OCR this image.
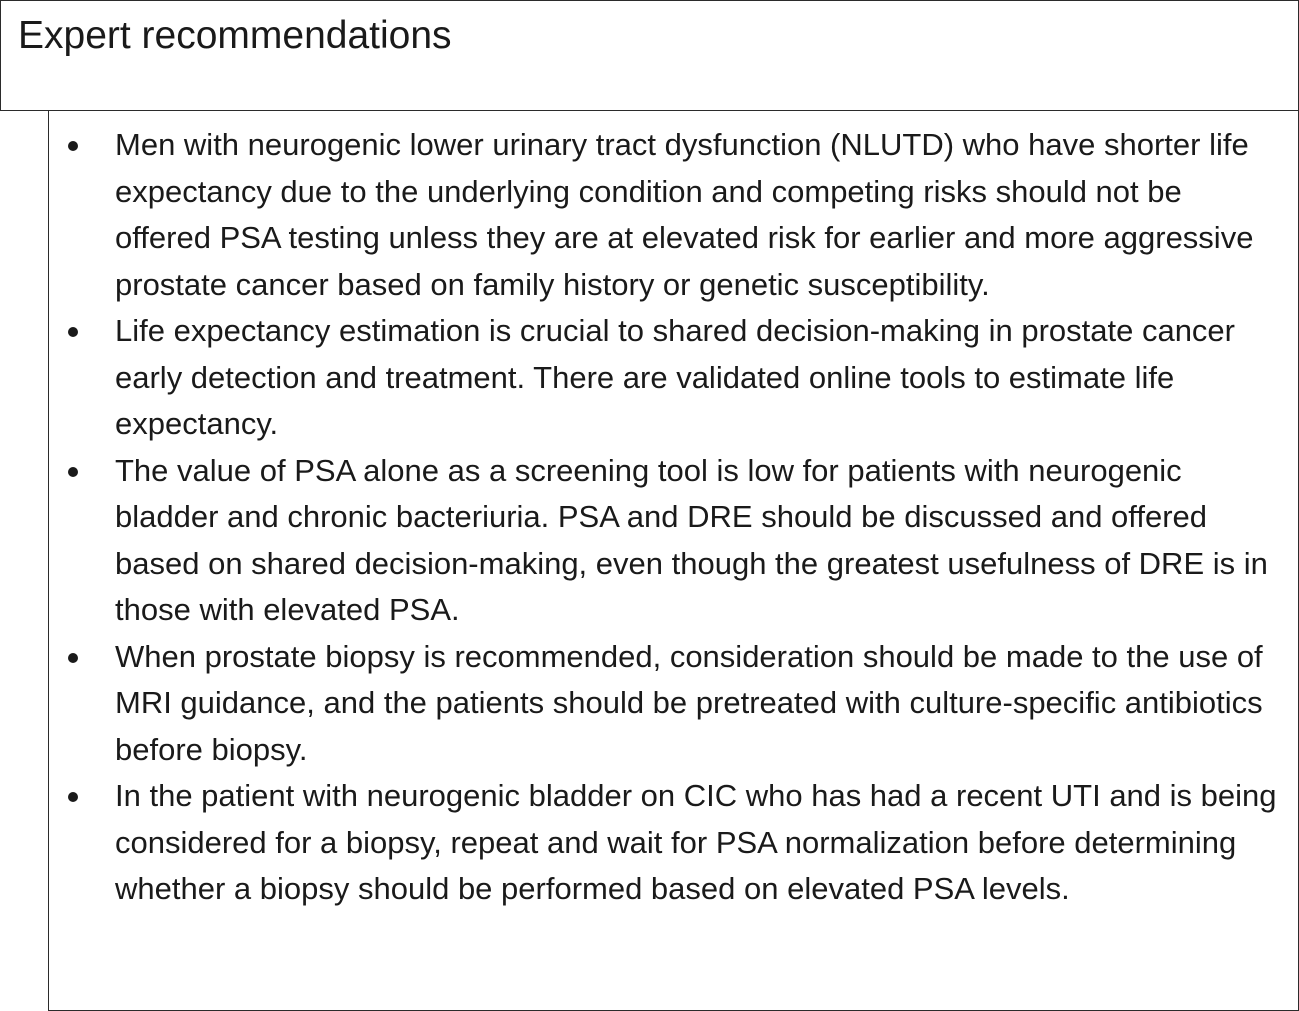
Expert recommendations
Men with neurogenic lower urinary tract dysfunction (NLUTD) who have shorter life expectancy due to the underlying condition and competing risks should not be offered PSA testing unless they are at elevated risk for earlier and more aggressive prostate cancer based on family history or genetic susceptibility.
Life expectancy estimation is crucial to shared decision-making in prostate cancer early detection and treatment. There are validated online tools to estimate life expectancy.
The value of PSA alone as a screening tool is low for patients with neurogenic bladder and chronic bacteriuria. PSA and DRE should be discussed and offered based on shared decision-making, even though the greatest usefulness of DRE is in those with elevated PSA.
When prostate biopsy is recommended, consideration should be made to the use of MRI guidance, and the patients should be pretreated with culture-specific antibiotics before biopsy.
In the patient with neurogenic bladder on CIC who has had a recent UTI and is being considered for a biopsy, repeat and wait for PSA normalization before determining whether a biopsy should be performed based on elevated PSA levels.
